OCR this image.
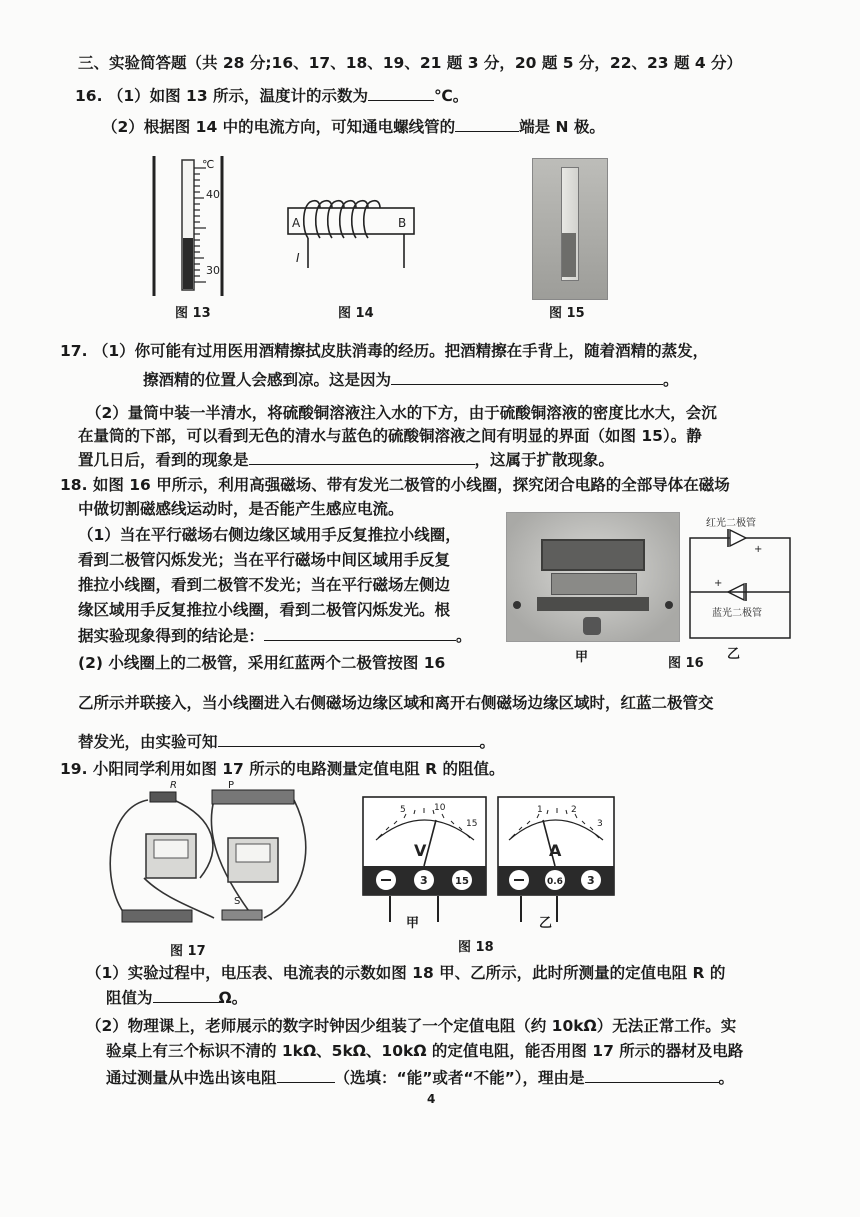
三、实验简答题（共 28 分;16、17、18、19、21 题 3 分，20 题 5 分，22、23 题 4 分）
16. （1）如图 13 所示，温度计的示数为	℃。
（2）根据图 14 中的电流方向，可知通电螺线管的	端是 N 极。
℃
40
30
图 13
A	B
I
图 14	图 15
17. （1）你可能有过用医用酒精擦拭皮肤消毒的经历。把酒精擦在手背上，随着酒精的蒸发，
擦酒精的位置人会感到凉。这是因为	。
（2）量筒中装一半清水，将硫酸铜溶液注入水的下方，由于硫酸铜溶液的密度比水大，会沉
在量筒的下部，可以看到无色的清水与蓝色的硫酸铜溶液之间有明显的界面（如图 15）。静
置几日后，看到的现象是	，这属于扩散现象。
18. 如图 16 甲所示，利用高强磁场、带有发光二极管的小线圈，探究闭合电路的全部导体在磁场
中做切割磁感线运动时，是否能产生感应电流。
（1）当在平行磁场右侧边缘区域用手反复推拉小线圈，
看到二极管闪烁发光；当在平行磁场中间区域用手反复
推拉小线圈，看到二极管不发光；当在平行磁场左侧边
缘区域用手反复推拉小线圈，看到二极管闪烁发光。根
据实验现象得到的结论是：	。
(2) 小线圈上的二极管，采用红蓝两个二极管按图 16	甲
红光二极管
+
+
蓝光二极管
乙
图 16
乙所示并联接入，当小线圈进入右侧磁场边缘区域和离开右侧磁场边缘区域时，红蓝二极管交
替发光，由实验可知	。
19. 小阳同学利用如图 17 所示的电路测量定值电阻 R 的阻值。
R	P
S
图 17
5	10
15
V
3	15
1	2
3
A
0.6 3
甲	乙
图 18
（1）实验过程中，电压表、电流表的示数如图 18 甲、乙所示，此时所测量的定值电阻 R 的
阻值为	Ω。
（2）物理课上，老师展示的数字时钟因少组装了一个定值电阻（约 10kΩ）无法正常工作。实
验桌上有三个标识不清的 1kΩ、5kΩ、10kΩ 的定值电阻，能否用图 17 所示的器材及电路
通过测量从中选出该电阻	（选填：“能”或者“不能”），理由是	。
4
